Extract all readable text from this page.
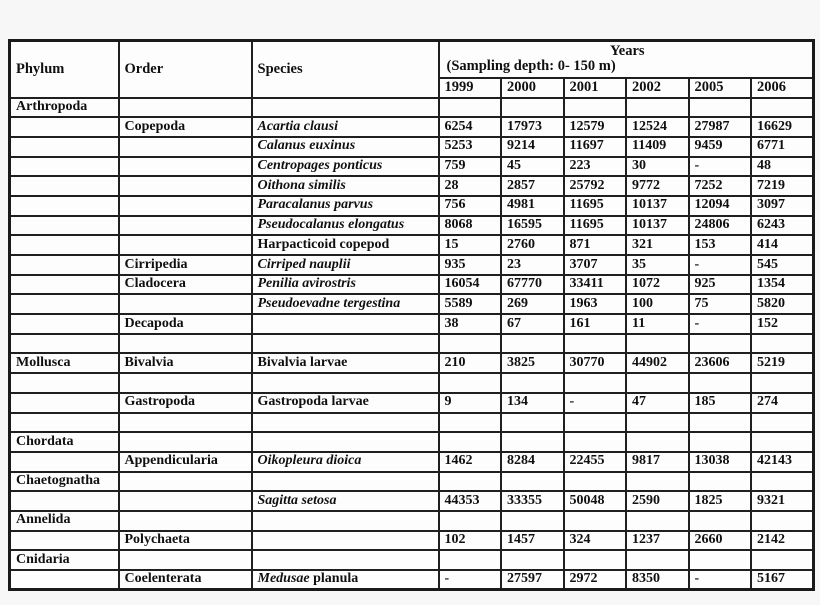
Phylum	Order	Species	Years
(Sampling depth: 0- 150 m)					

			1999	2000	2001	2002	2005	2006
Arthropoda								
	Copepoda	Acartia clausi	6254	17973	12579	12524	27987	16629
		Calanus euxinus	5253	9214	11697	11409	9459	6771
		Centropages ponticus	759	45	223	30	-	48
		Oithona similis	28	2857	25792	9772	7252	7219
		Paracalanus parvus	756	4981	11695	10137	12094	3097
		Pseudocalanus elongatus	8068	16595	11695	10137	24806	6243
		Harpacticoid copepod	15	2760	871	321	153	414
	Cirripedia	Cirriped nauplii	935	23	3707	35	-	545
	Cladocera	Penilia avirostris	16054	67770	33411	1072	925	1354
		Pseudoevadne tergestina	5589	269	1963	100	75	5820
	Decapoda		38	67	161	11	-	152

Mollusca	Bivalvia	Bivalvia larvae	210	3825	30770	44902	23606	5219

	Gastropoda	Gastropoda larvae	9	134	-	47	185	274

Chordata								
	Appendicularia	Oikopleura dioica	1462	8284	22455	9817	13038	42143
Chaetognatha								
		Sagitta setosa	44353	33355	50048	2590	1825	9321
Annelida								
	Polychaeta		102	1457	324	1237	2660	2142
Cnidaria								
	Coelenterata	Medusae planula	-	27597	2972	8350	-	5167
